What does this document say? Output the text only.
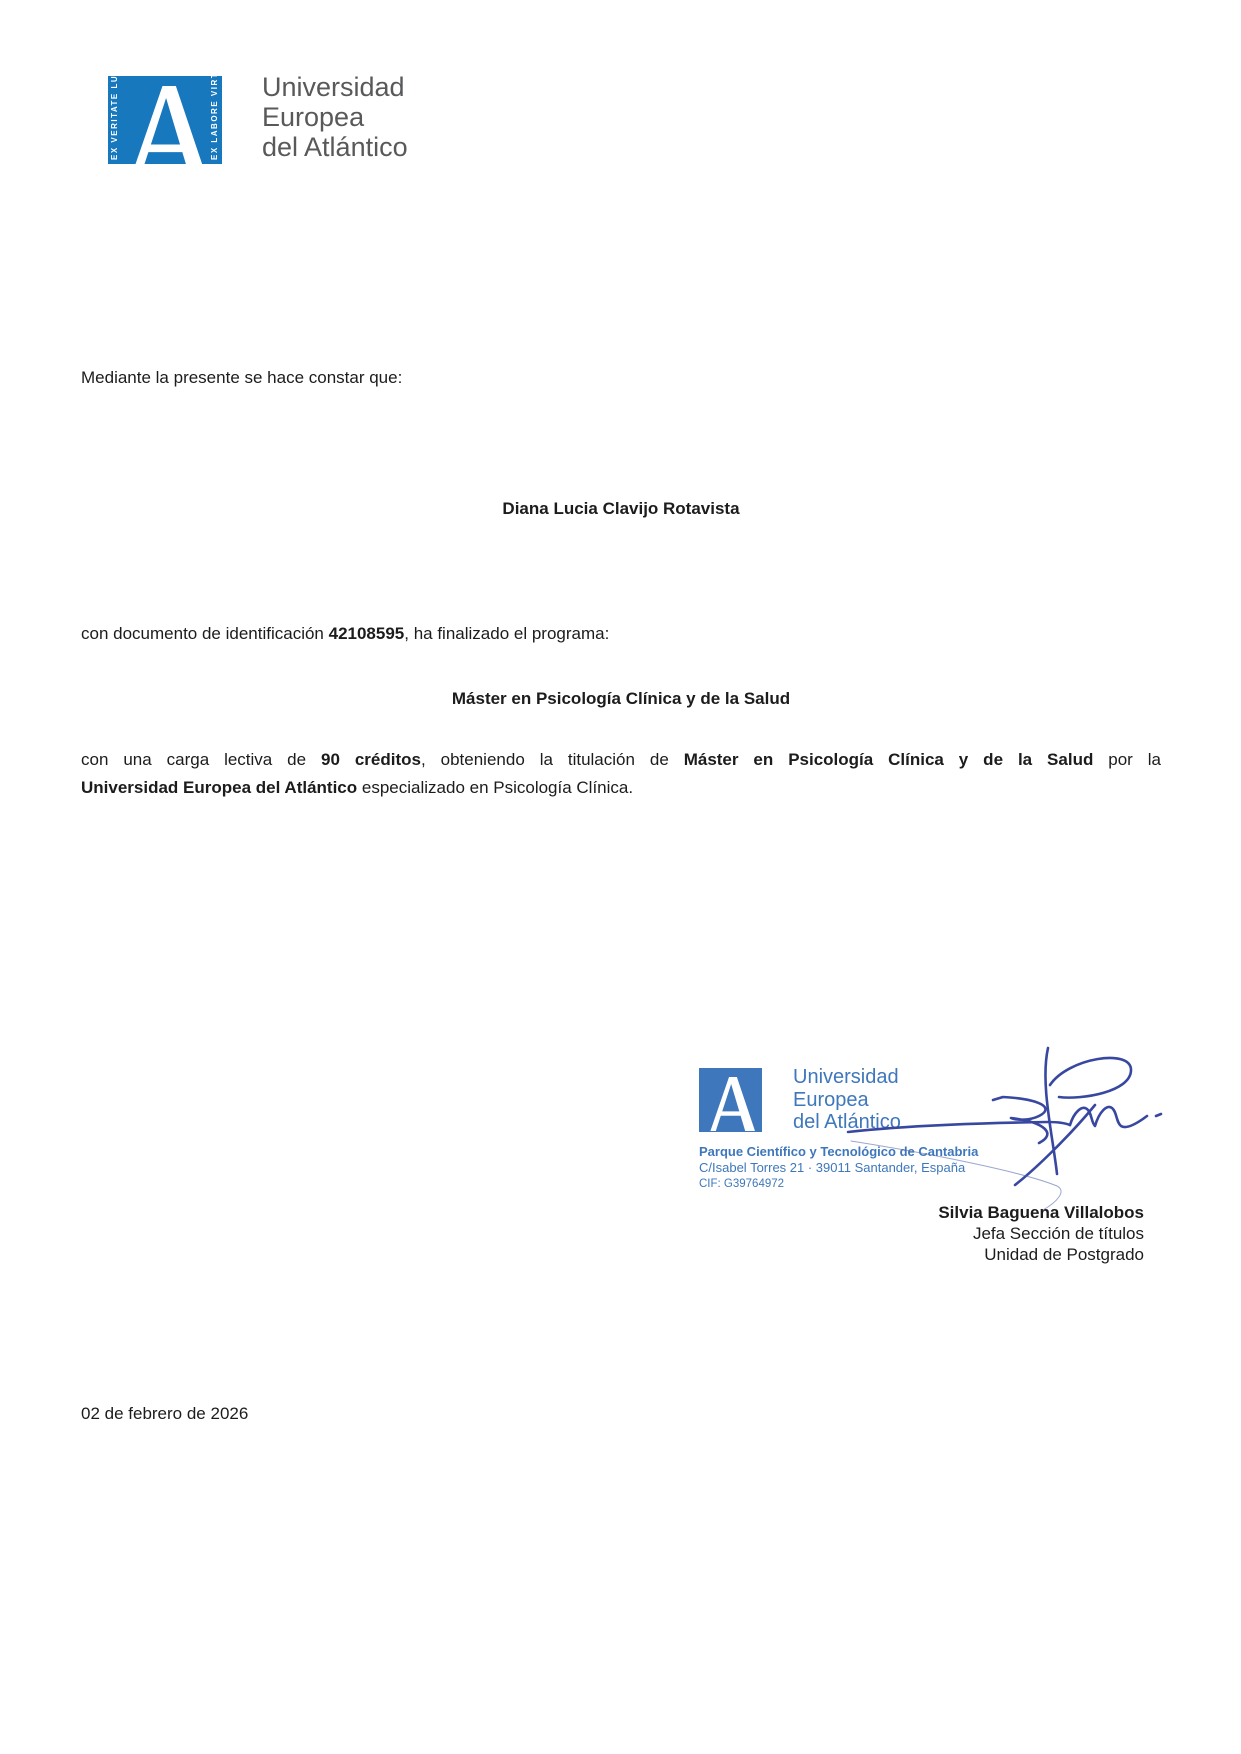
EX VERITATE LUX	EX LABORE VIRTUS Universidad
Europea
del Atlántico
Mediante la presente se hace constar que:
Diana Lucia Clavijo Rotavista
con documento de identificación 42108595, ha finalizado el programa:
Máster en Psicología Clínica y de la Salud
con una carga lectiva de 90 créditos, obteniendo la titulación de Máster en Psicología Clínica y de la Salud por la
Universidad Europea del Atlántico especializado en Psicología Clínica.
Universidad
Europea
del Atlántico
Parque Científico y Tecnológico de Cantabria
C/Isabel Torres 21 · 39011 Santander, España
CIF: G39764972
Silvia Baguena Villalobos
Jefa Sección de títulos
Unidad de Postgrado
02 de febrero de 2026
